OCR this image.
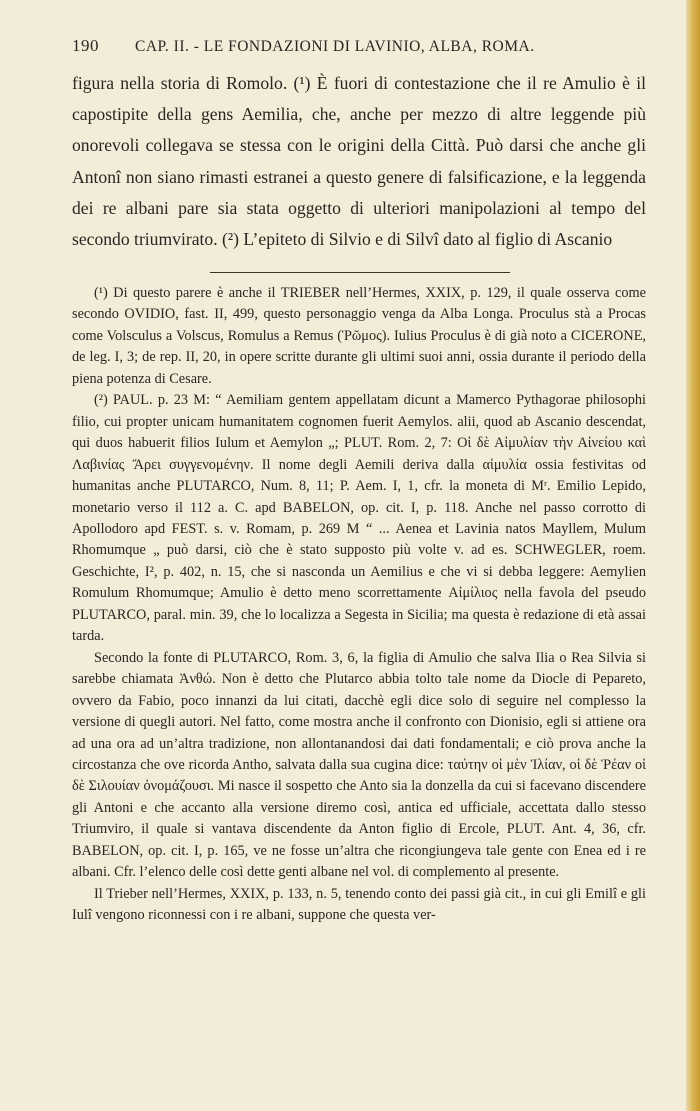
190 CAP. II. - LE FONDAZIONI DI LAVINIO, ALBA, ROMA.

figura nella storia di Romolo. (¹) È fuori di contestazione che il re Amulio è il capostipite della gens Aemilia, che, anche per mezzo di altre leggende più onorevoli collegava se stessa con le origini della Città. Può darsi che anche gli Antonî non siano rimasti estranei a questo genere di falsificazione, e la leggenda dei re albani pare sia stata oggetto di ulteriori manipolazioni al tempo del secondo triumvirato. (²) L’epiteto di Silvio e di Silvî dato al figlio di Ascanio

(¹) Di questo parere è anche il TRIEBER nell’Hermes, XXIX, p. 129, il quale osserva come secondo OVIDIO, fast. II, 499, questo personaggio venga da Alba Longa. Proculus stà a Procas come Volsculus a Volscus, Romulus a Remus (Ῥῶμος). Iulius Proculus è di già noto a CICERONE, de leg. I, 3; de rep. II, 20, in opere scritte durante gli ultimi suoi anni, ossia durante il periodo della piena potenza di Cesare.

(²) PAUL. p. 23 M: “ Aemiliam gentem appellatam dicunt a Mamerco Pythagorae philosophi filio, cui propter unicam humanitatem cognomen fuerit Aemylos. alii, quod ab Ascanio descendat, qui duos habuerit filios Iulum et Aemylon „; PLUT. Rom. 2, 7: Οἱ δὲ Αἰμυλίαν τὴν Αἰνείου καὶ Λαβινίας Ἄρει συγγενομένην. Il nome degli Aemili deriva dalla αἱμυλία ossia festivitas od humanitas anche PLUTARCO, Num. 8, 11; P. Aem. I, 1, cfr. la moneta di Mʳ. Emilio Lepido, monetario verso il 112 a. C. apd BABELON, op. cit. I, p. 118. Anche nel passo corrotto di Apollodoro apd FEST. s. v. Romam, p. 269 M “ ... Aenea et Lavinia natos Mayllem, Mulum Rhomumque „ può darsi, ciò che è stato supposto più volte v. ad es. SCHWEGLER, roem. Geschichte, I², p. 402, n. 15, che si nasconda un Aemilius e che vi si debba leggere: Aemylien Romulum Rhomumque; Amulio è detto meno scorrettamente Αἰμίλιος nella favola del pseudo PLUTARCO, paral. min. 39, che lo localizza a Segesta in Sicilia; ma questa è redazione di età assai tarda.

Secondo la fonte di PLUTARCO, Rom. 3, 6, la figlia di Amulio che salva Ilia o Rea Silvia si sarebbe chiamata Ἀνθώ. Non è detto che Plutarco abbia tolto tale nome da Diocle di Pepareto, ovvero da Fabio, poco innanzi da lui citati, dacchè egli dice solo di seguire nel complesso la versione di quegli autori. Nel fatto, come mostra anche il confronto con Dionisio, egli si attiene ora ad una ora ad un’altra tradizione, non allontanandosi dai dati fondamentali; e ciò prova anche la circostanza che ove ricorda Antho, salvata dalla sua cugina dice: ταύτην οἱ μὲν Ἰλίαν, οἱ δὲ Ῥέαν οἱ δὲ Σιλουίαν ὀνομάζουσι. Mi nasce il sospetto che Anto sia la donzella da cui si facevano discendere gli Antoni e che accanto alla versione diremo così, antica ed ufficiale, accettata dallo stesso Triumviro, il quale si vantava discendente da Anton figlio di Ercole, PLUT. Ant. 4, 36, cfr. BABELON, op. cit. I, p. 165, ve ne fosse un’altra che ricongiungeva tale gente con Enea ed i re albani. Cfr. l’elenco delle così dette genti albane nel vol. di complemento al presente.

Il Trieber nell’Hermes, XXIX, p. 133, n. 5, tenendo conto dei passi già cit., in cui gli Emilî e gli Iulî vengono riconnessi con i re albani, suppone che questa ver-
